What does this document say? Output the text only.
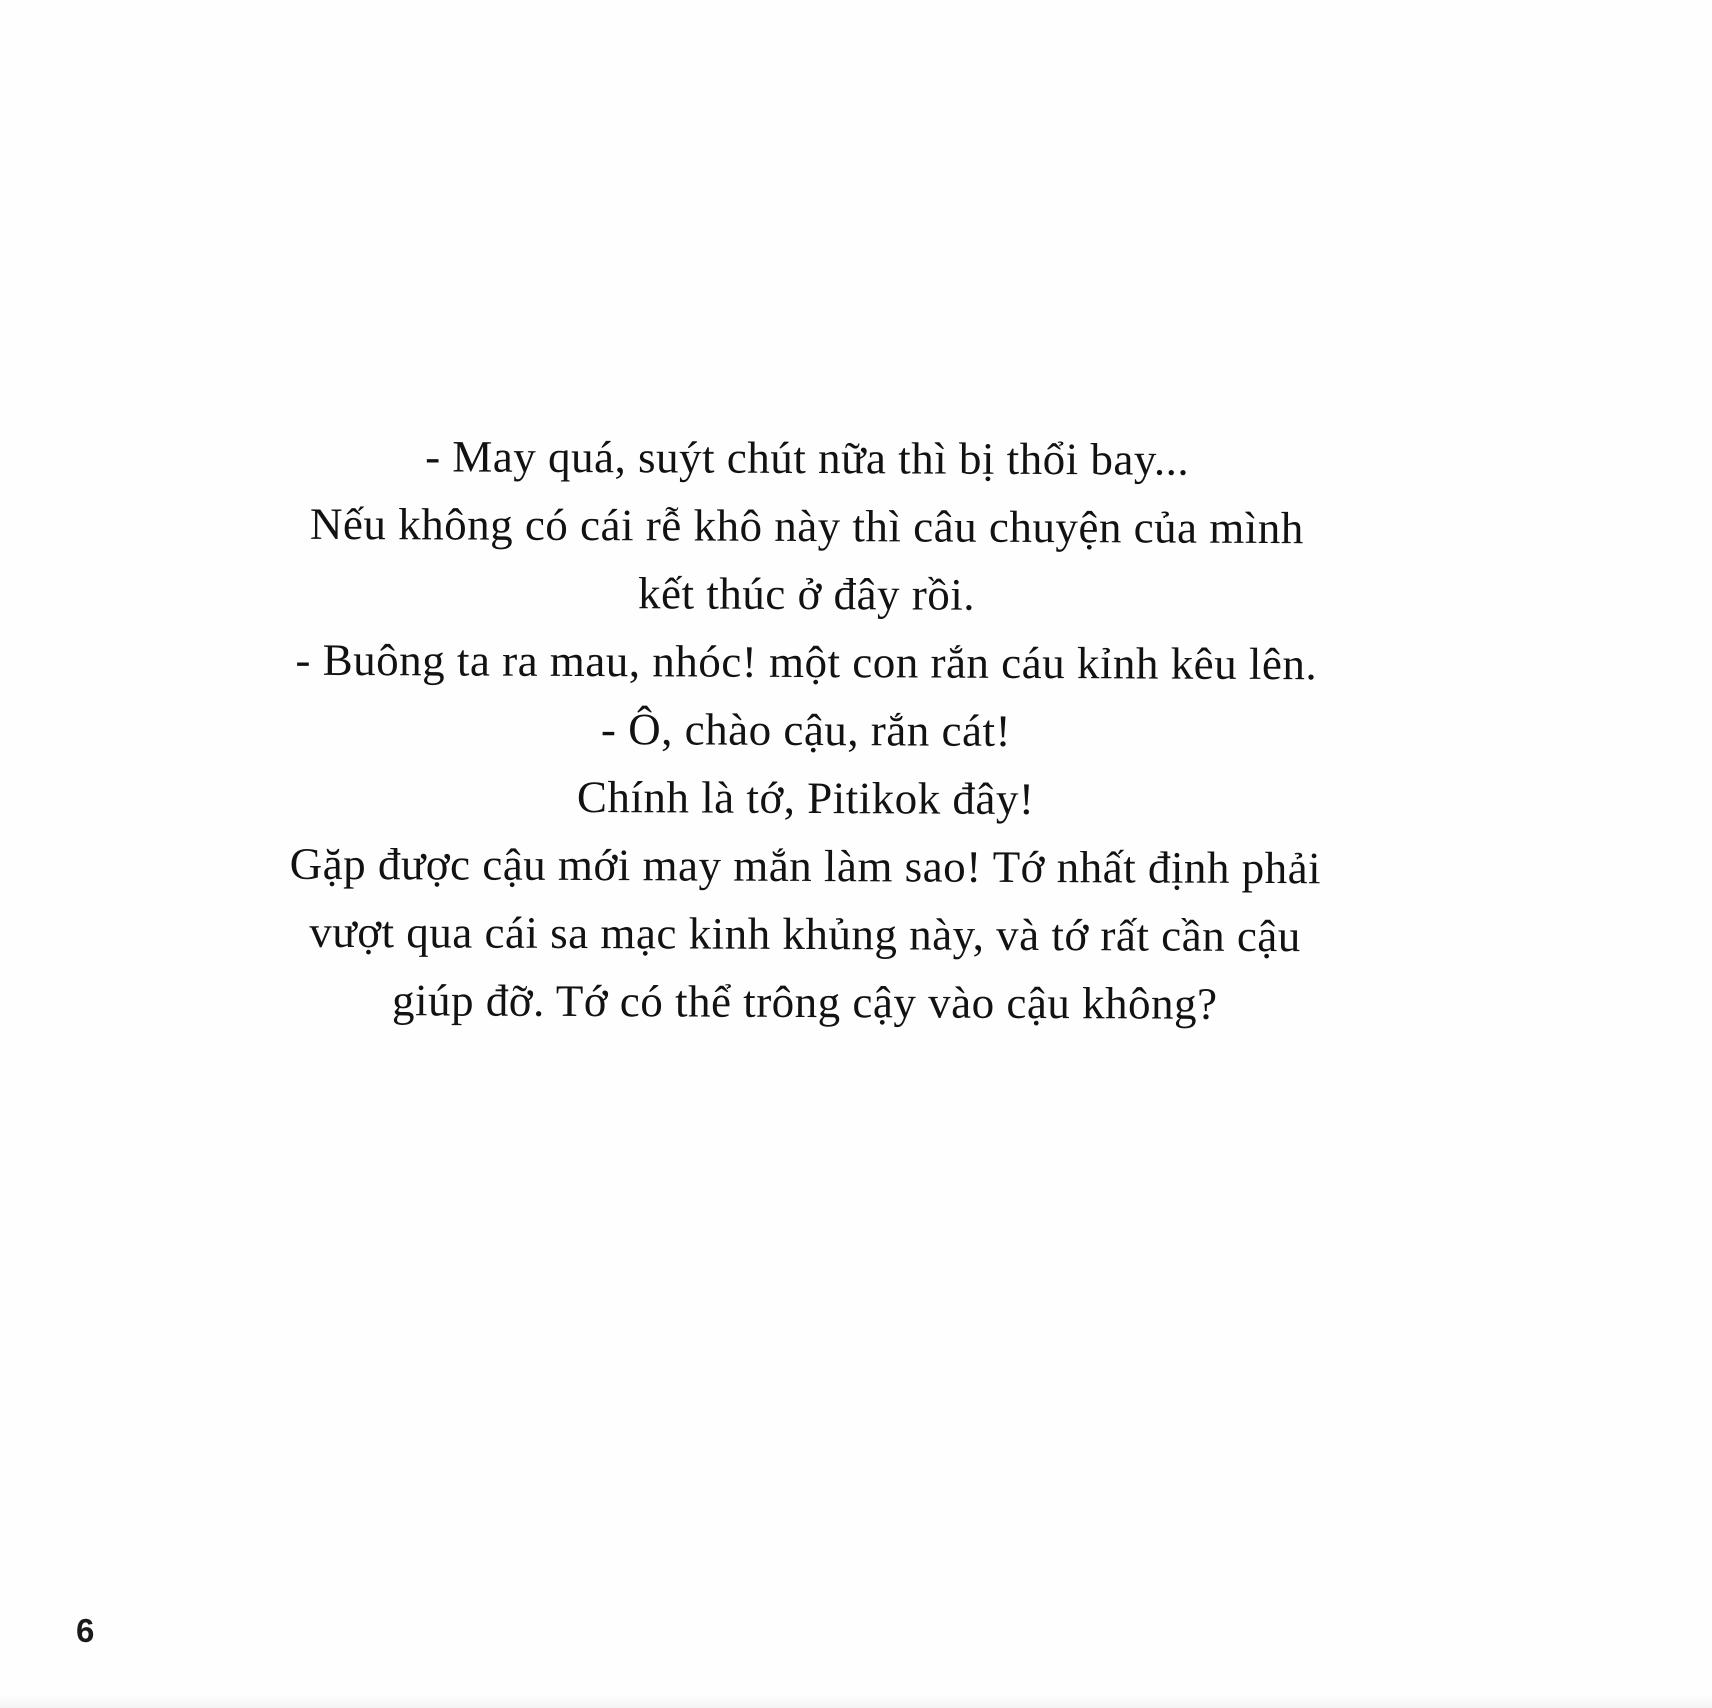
- May quá, suýt chút nữa thì bị thổi bay...

Nếu không có cái rễ khô này thì câu chuyện của mình

kết thúc ở đây rồi.

- Buông ta ra mau, nhóc! một con rắn cáu kỉnh kêu lên.

- Ô, chào cậu, rắn cát!

Chính là tớ, Pitikok đây!

Gặp được cậu mới may mắn làm sao! Tớ nhất định phải

vượt qua cái sa mạc kinh khủng này, và tớ rất cần cậu

giúp đỡ. Tớ có thể trông cậy vào cậu không?

6
